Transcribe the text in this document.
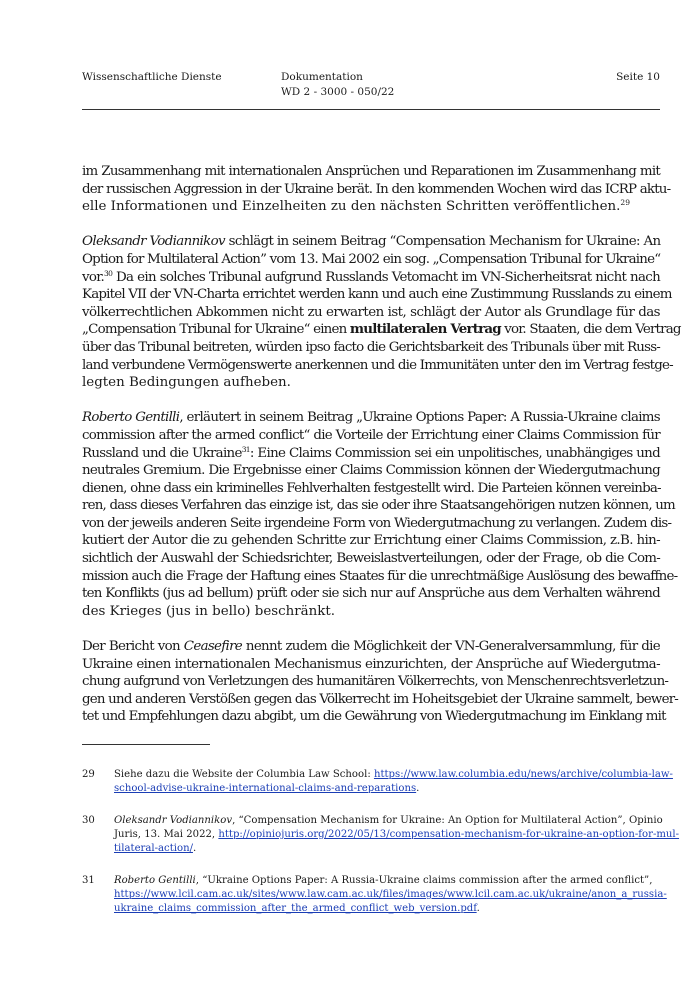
Wissenschaftliche Dienste	Dokumentation
WD 2 - 3000 - 050/22
Seite 10

im Zusammenhang mit internationalen Ansprüchen und Reparationen im Zusammenhang mit
der russischen Aggression in der Ukraine berät. In den kommenden Wochen wird das ICRP aktu-
elle Informationen und Einzelheiten zu den nächsten Schritten veröffentlichen.$^{29}$

Oleksandr Vodiannikov schlägt in seinem Beitrag “Compensation Mechanism for Ukraine: An
Option for Multilateral Action” vom 13. Mai 2002 ein sog. „Compensation Tribunal for Ukraine“
vor.$^{30}$ Da ein solches Tribunal aufgrund Russlands Vetomacht im VN-Sicherheitsrat nicht nach
Kapitel VII der VN-Charta errichtet werden kann und auch eine Zustimmung Russlands zu einem
völkerrechtlichen Abkommen nicht zu erwarten ist, schlägt der Autor als Grundlage für das
„Compensation Tribunal for Ukraine“ einen multilateralen Vertrag vor. Staaten, die dem Vertrag
über das Tribunal beitreten, würden ipso facto die Gerichtsbarkeit des Tribunals über mit Russ-
land verbundene Vermögenswerte anerkennen und die Immunitäten unter den im Vertrag festge-
legten Bedingungen aufheben.

Roberto Gentilli, erläutert in seinem Beitrag „Ukraine Options Paper: A Russia-Ukraine claims
commission after the armed conflict“ die Vorteile der Errichtung einer Claims Commission für
Russland und die Ukraine$^{31}$: Eine Claims Commission sei ein unpolitisches, unabhängiges und
neutrales Gremium. Die Ergebnisse einer Claims Commission können der Wiedergutmachung
dienen, ohne dass ein kriminelles Fehlverhalten festgestellt wird. Die Parteien können vereinba-
ren, dass dieses Verfahren das einzige ist, das sie oder ihre Staatsangehörigen nutzen können, um
von der jeweils anderen Seite irgendeine Form von Wiedergutmachung zu verlangen. Zudem dis-
kutiert der Autor die zu gehenden Schritte zur Errichtung einer Claims Commission, z.B. hin-
sichtlich der Auswahl der Schiedsrichter, Beweislastverteilungen, oder der Frage, ob die Com-
mission auch die Frage der Haftung eines Staates für die unrechtmäßige Auslösung des bewaffne-
ten Konflikts (jus ad bellum) prüft oder sie sich nur auf Ansprüche aus dem Verhalten während
des Krieges (jus in bello) beschränkt.

Der Bericht von Ceasefire nennt zudem die Möglichkeit der VN-Generalversammlung, für die
Ukraine einen internationalen Mechanismus einzurichten, der Ansprüche auf Wiedergutma-
chung aufgrund von Verletzungen des humanitären Völkerrechts, von Menschenrechtsverletzun-
gen und anderen Verstößen gegen das Völkerrecht im Hoheitsgebiet der Ukraine sammelt, bewer-
tet und Empfehlungen dazu abgibt, um die Gewährung von Wiedergutmachung im Einklang mit

29 Siehe dazu die Website der Columbia Law School: https://www.law.columbia.edu/news/archive/columbia-law-
school-advise-ukraine-international-claims-and-reparations.
30 Oleksandr Vodiannikov, “Compensation Mechanism for Ukraine: An Option for Multilateral Action”, Opinio
Juris, 13. Mai 2022, http://opiniojuris.org/2022/05/13/compensation-mechanism-for-ukraine-an-option-for-mul-
tilateral-action/.
31 Roberto Gentilli, “Ukraine Options Paper: A Russia-Ukraine claims commission after the armed conflict”,
https://www.lcil.cam.ac.uk/sites/www.law.cam.ac.uk/files/images/www.lcil.cam.ac.uk/ukraine/anon_a_russia-
ukraine_claims_commission_after_the_armed_conflict_web_version.pdf.
